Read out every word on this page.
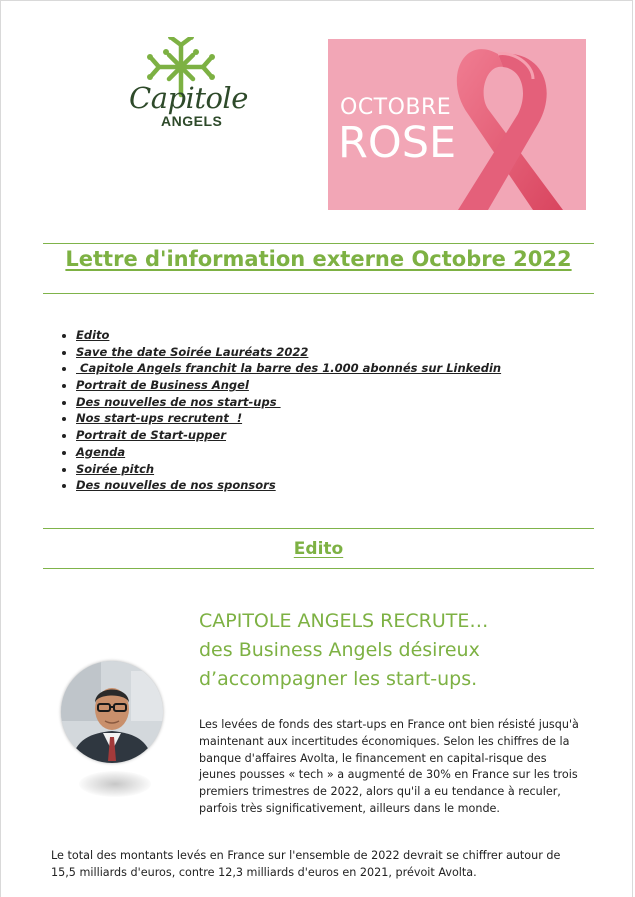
Capitole
ANGELS
OCTOBRE
ROSE
Lettre d'information externe Octobre 2022
Edito
Save the date Soirée Lauréats 2022
Capitole Angels franchit la barre des 1.000 abonnés sur Linkedin
Portrait de Business Angel
Des nouvelles de nos start-ups
Nos start-ups recrutent  !
Portrait de Start-upper
Agenda
Soirée pitch
Des nouvelles de nos sponsors
Edito
CAPITOLE ANGELS RECRUTE…
des Business Angels désireux
d’accompagner les start-ups.
Les levées de fonds des start-ups en France ont bien résisté jusqu'à
maintenant aux incertitudes économiques. Selon les chiffres de la
banque d'affaires Avolta, le financement en capital-risque des
jeunes pousses « tech » a augmenté de 30% en France sur les trois
premiers trimestres de 2022, alors qu'il a eu tendance à reculer,
parfois très significativement, ailleurs dans le monde.
Le total des montants levés en France sur l'ensemble de 2022 devrait se chiffrer autour de
15,5 milliards d'euros, contre 12,3 milliards d'euros en 2021, prévoit Avolta.
